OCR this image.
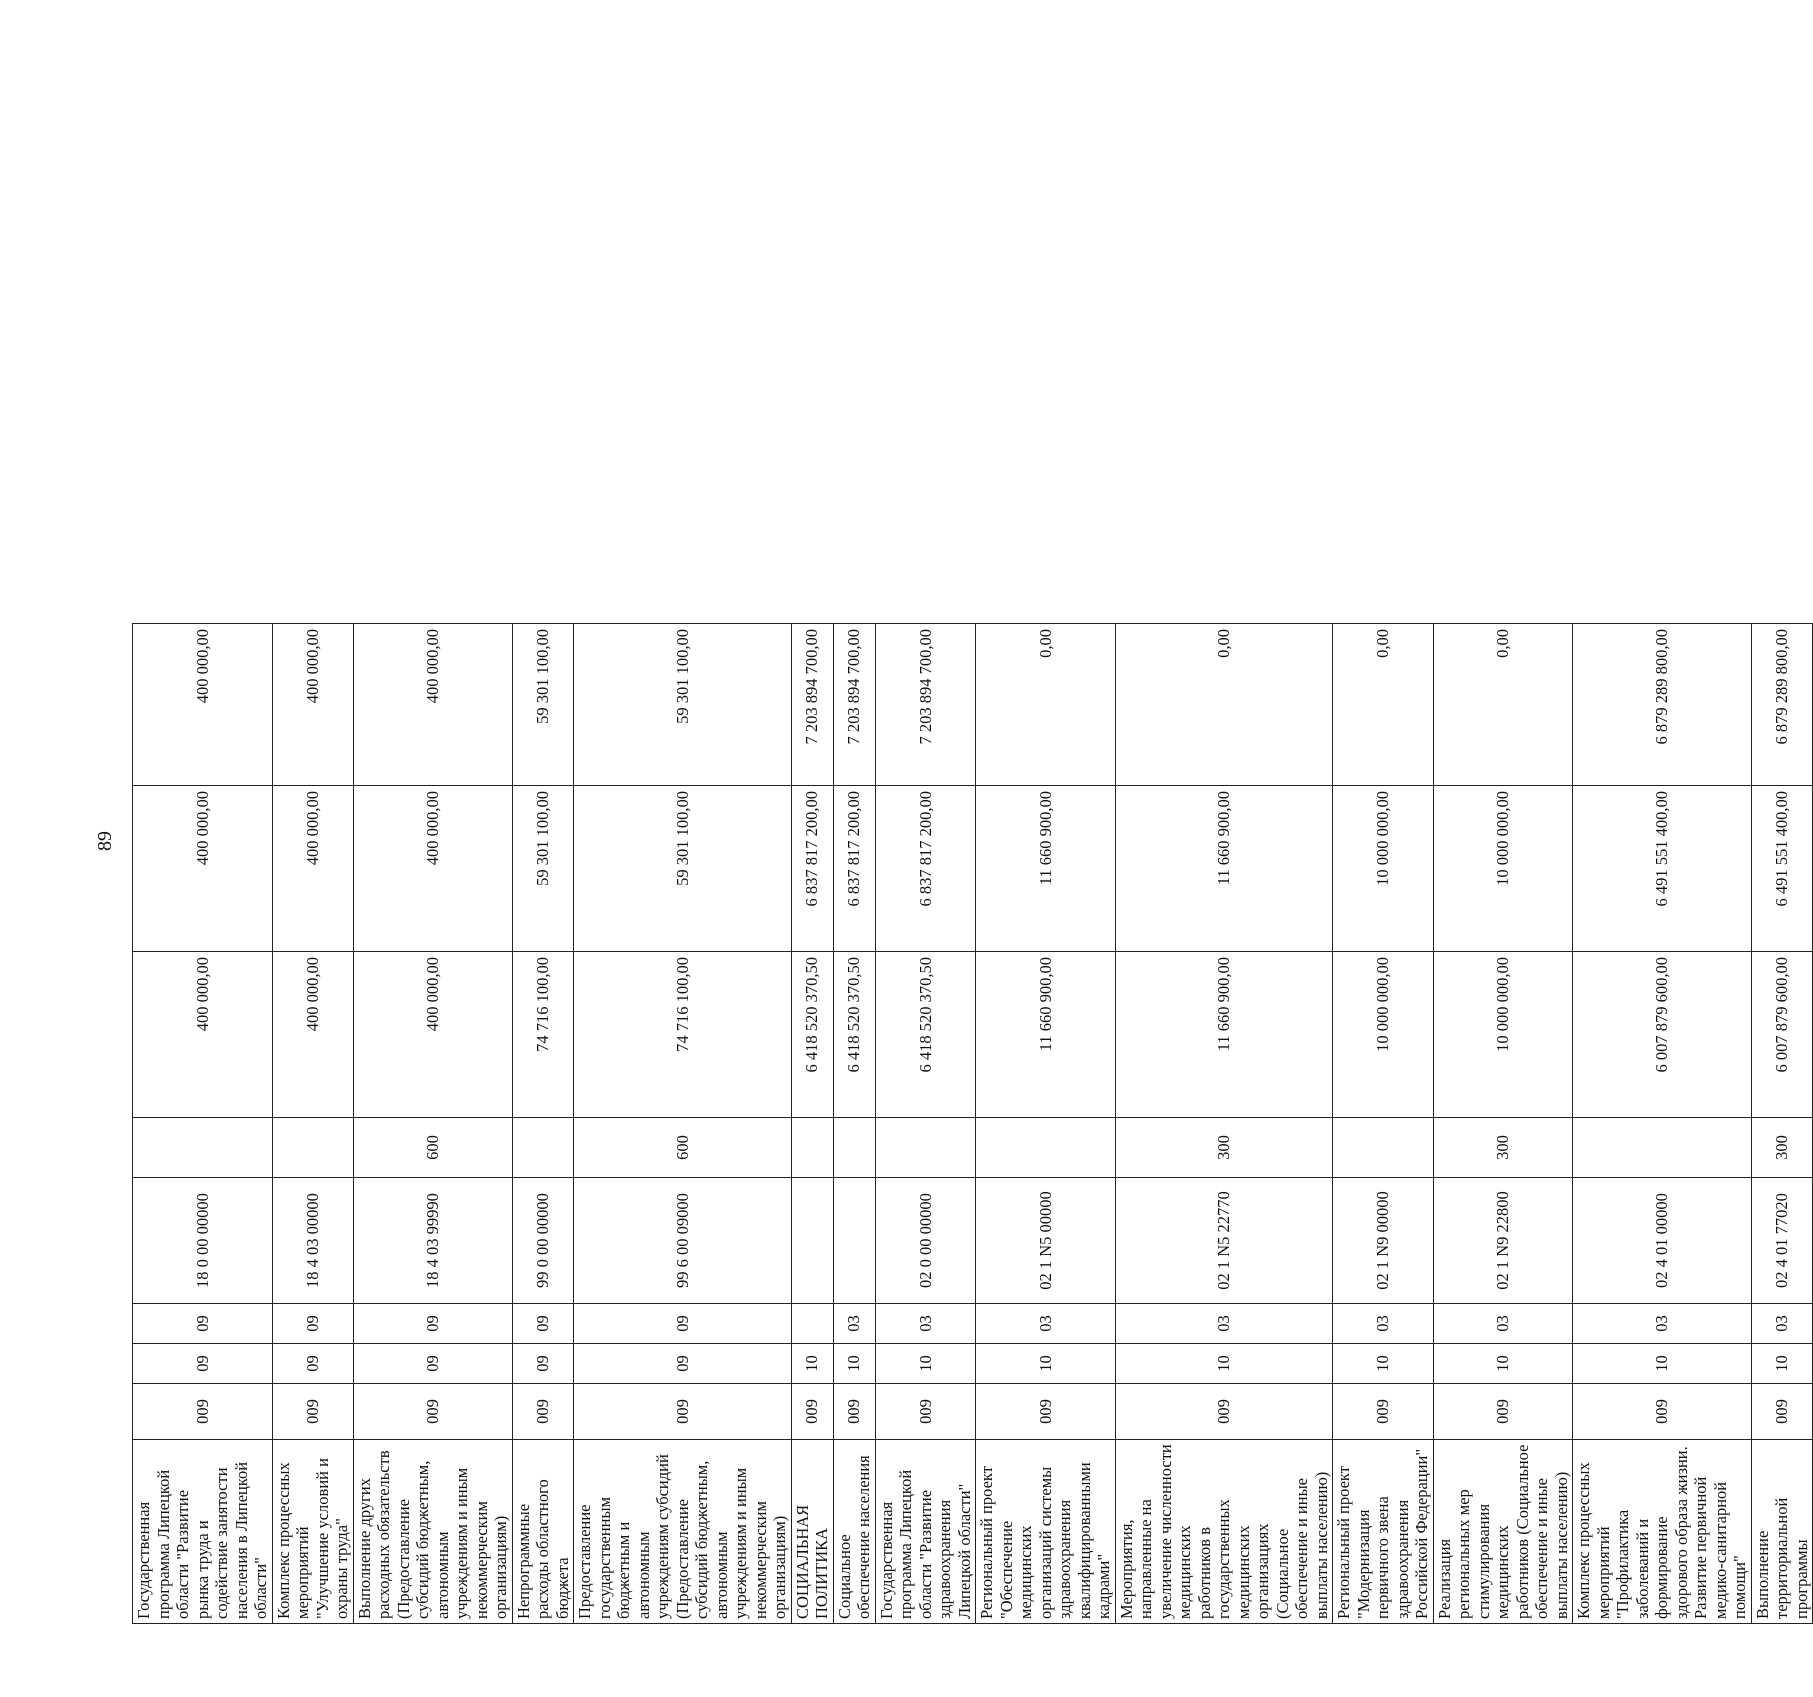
89
Государственная программа Липецкой области "Развитие рынка труда и содействие занятости населения в Липецкой области"	009	09	09	18 0 00 00000		400 000,00	400 000,00	400 000,00
Комплекс процессных мероприятий "Улучшение условий и охраны труда"	009	09	09	18 4 03 00000		400 000,00	400 000,00	400 000,00
Выполнение других расходных обязательств (Предоставление субсидий бюджетным, автономным учреждениям и иным некоммерческим организациям)	009	09	09	18 4 03 99990	600	400 000,00	400 000,00	400 000,00
Непрограммные расходы областного бюджета	009	09	09	99 0 00 00000		74 716 100,00	59 301 100,00	59 301 100,00
Предоставление государственным бюджетным и автономным учреждениям субсидий (Предоставление субсидий бюджетным, автономным учреждениям и иным некоммерческим организациям)	009	09	09	99 6 00 09000	600	74 716 100,00	59 301 100,00	59 301 100,00
СОЦИАЛЬНАЯ ПОЛИТИКА	009	10				6 418 520 370,50	6 837 817 200,00	7 203 894 700,00
Социальное обеспечение населения	009	10	03			6 418 520 370,50	6 837 817 200,00	7 203 894 700,00
Государственная программа Липецкой области "Развитие здравоохранения Липецкой области"	009	10	03	02 0 00 00000		6 418 520 370,50	6 837 817 200,00	7 203 894 700,00
Региональный проект "Обеспечение медицинских организаций системы здравоохранения квалифицированными кадрами"	009	10	03	02 1 N5 00000		11 660 900,00	11 660 900,00	0,00
Мероприятия, направленные на увеличение численности медицинских работников в государственных медицинских организациях (Социальное обеспечение и иные выплаты населению)	009	10	03	02 1 N5 22770	300	11 660 900,00	11 660 900,00	0,00
Региональный проект "Модернизация первичного звена здравоохранения Российской Федерации"	009	10	03	02 1 N9 00000		10 000 000,00	10 000 000,00	0,00
Реализация региональных мер стимулирования медицинских работников (Социальное обеспечение и иные выплаты населению)	009	10	03	02 1 N9 22800	300	10 000 000,00	10 000 000,00	0,00
Комплекс процессных мероприятий "Профилактика заболеваний и формирование здорового образа жизни. Развитие первичной медико-санитарной помощи"	009	10	03	02 4 01 00000		6 007 879 600,00	6 491 551 400,00	6 879 289 800,00
Выполнение территориальной программы	009	10	03	02 4 01 77020	300	6 007 879 600,00	6 491 551 400,00	6 879 289 800,00
